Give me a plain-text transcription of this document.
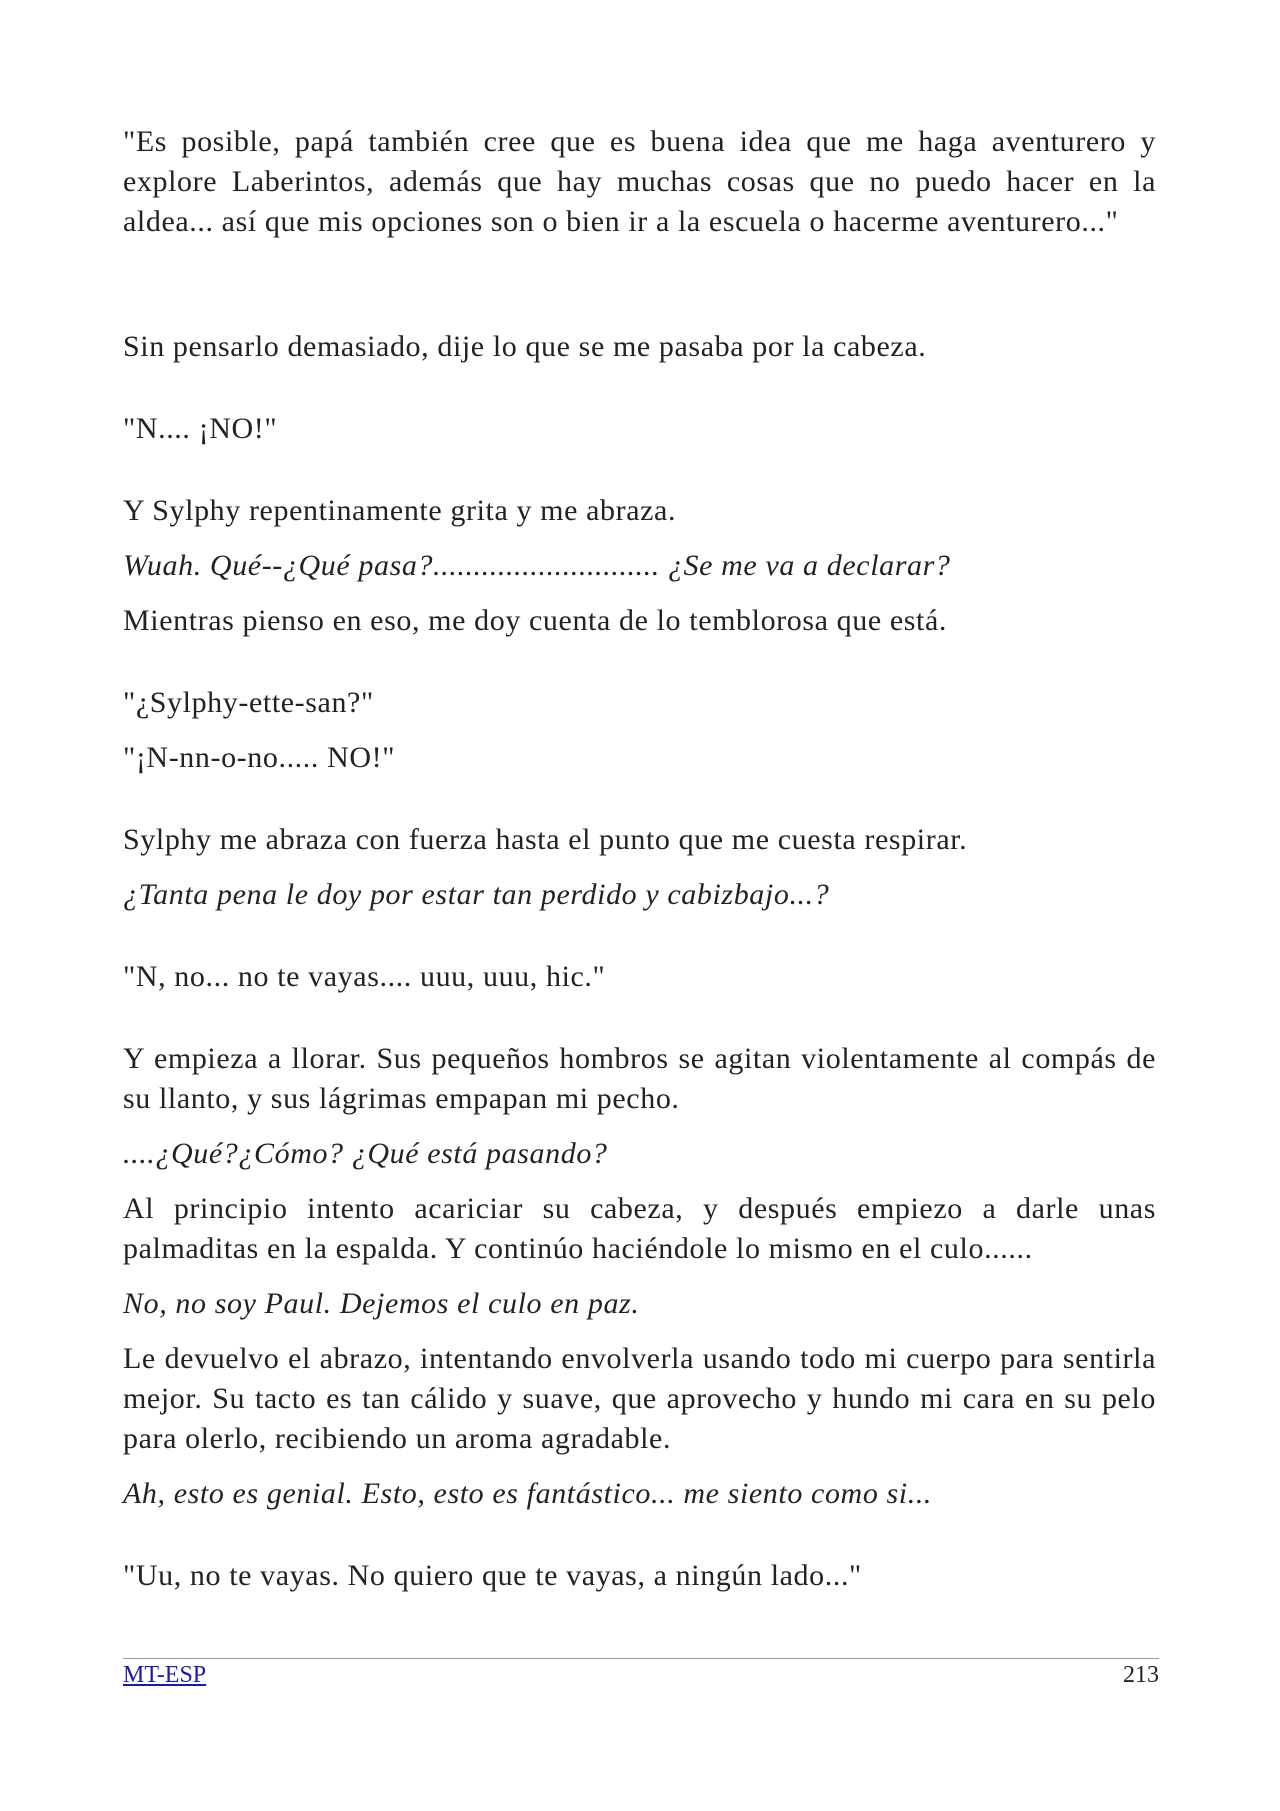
"Es posible, papá también cree que es buena idea que me haga aventurero y explore Laberintos, además que hay muchas cosas que no puedo hacer en la aldea... así que mis opciones son o bien ir a la escuela o hacerme aventurero..."

Sin pensarlo demasiado, dije lo que se me pasaba por la cabeza.

"N.... ¡NO!"

Y Sylphy repentinamente grita y me abraza.

Wuah. Qué--¿Qué pasa?............................ ¿Se me va a declarar?

Mientras pienso en eso, me doy cuenta de lo temblorosa que está.

"¿Sylphy-ette-san?"

"¡N-nn-o-no..... NO!"

Sylphy me abraza con fuerza hasta el punto que me cuesta respirar.

¿Tanta pena le doy por estar tan perdido y cabizbajo...?

"N, no... no te vayas.... uuu, uuu, hic."

Y empieza a llorar. Sus pequeños hombros se agitan violentamente al compás de su llanto, y sus lágrimas empapan mi pecho.

....¿Qué?¿Cómo? ¿Qué está pasando?

Al principio intento acariciar su cabeza, y después empiezo a darle unas palmaditas en la espalda. Y continúo haciéndole lo mismo en el culo......

No, no soy Paul. Dejemos el culo en paz.

Le devuelvo el abrazo, intentando envolverla usando todo mi cuerpo para sentirla mejor. Su tacto es tan cálido y suave, que aprovecho y hundo mi cara en su pelo para olerlo, recibiendo un aroma agradable.

Ah, esto es genial. Esto, esto es fantástico... me siento como si...

"Uu, no te vayas. No quiero que te vayas, a ningún lado..."

MT-ESP	213
